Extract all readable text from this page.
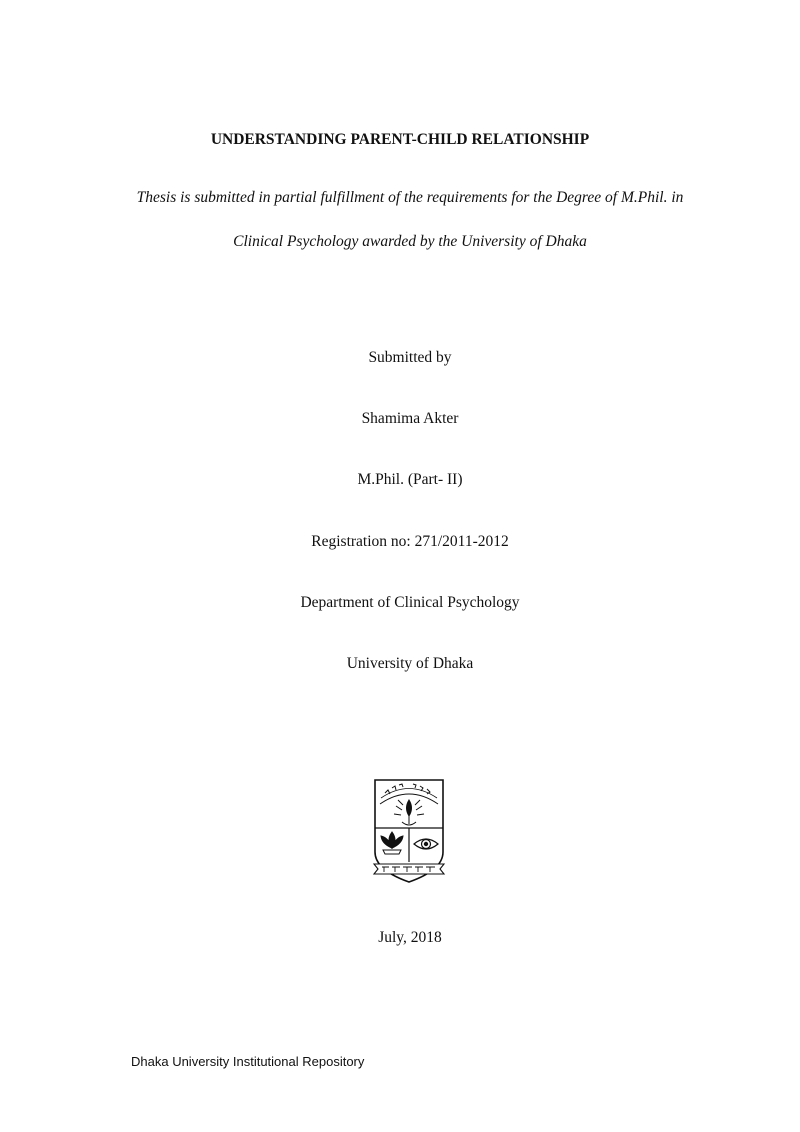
UNDERSTANDING PARENT-CHILD RELATIONSHIP
Thesis is submitted in partial fulfillment of the requirements for the Degree of M.Phil. in
Clinical Psychology awarded by the University of Dhaka
Submitted by
Shamima Akter
M.Phil. (Part- II)
Registration no: 271/2011-2012
Department of Clinical Psychology
University of Dhaka
July, 2018
Dhaka University Institutional Repository
